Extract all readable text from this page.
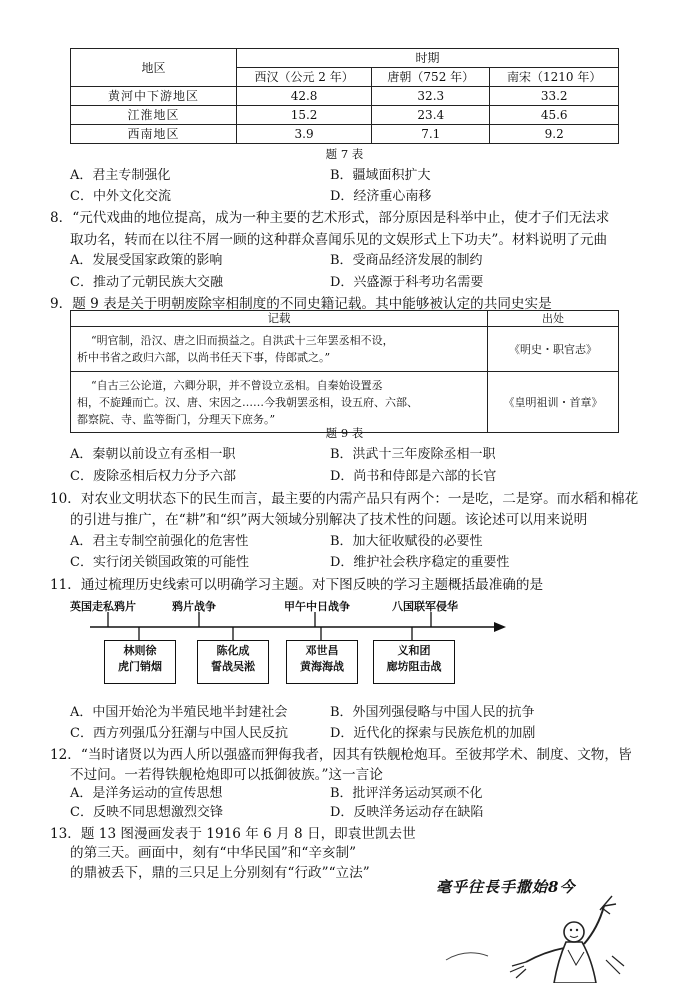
地区	时期		
	西汉（公元 2 年）	唐朝（752 年）	南宋（1210 年）
黄河中下游地区	42.8	32.3	33.2
江淮地区	15.2	23.4	45.6
西南地区	3.9	7.1	9.2
题 7 表
A．君主专制强化	B．疆域面积扩大
C．中外文化交流	D．经济重心南移
8．“元代戏曲的地位提高，成为一种主要的艺术形式，部分原因是科举中止，使才子们无法求
取功名，转而在以往不屑一顾的这种群众喜闻乐见的文娱形式上下功夫”。材料说明了元曲
A．发展受国家政策的影响	B．受商品经济发展的制约
C．推动了元朝民族大交融	D．兴盛源于科考功名需要
9．题 9 表是关于明朝废除宰相制度的不同史籍记载。其中能够被认定的共同史实是
记载	出处

“明官制，沿汉、唐之旧而损益之。自洪武十三年罢丞相不设，
析中书省之政归六部，以尚书任天下事，侍郎贰之。”	《明史・职官志》

“自古三公论道，六卿分职，并不曾设立丞相。自秦始设置丞
相，不旋踵而亡。汉、唐、宋因之……今我朝罢丞相，设五府、六部、
都察院、寺、监等衙门，分理天下庶务。”	《皇明祖训・首章》
题 9 表
A．秦朝以前设立有丞相一职	B．洪武十三年废除丞相一职
C．废除丞相后权力分予六部	D．尚书和侍郎是六部的长官
10．对农业文明状态下的民生而言，最主要的内需产品只有两个：一是吃，二是穿。而水稻和棉花
的引进与推广，在“耕”和“织”两大领域分别解决了技术性的问题。该论述可以用来说明
A．君主专制空前强化的危害性	B．加大征收赋役的必要性
C．实行闭关锁国政策的可能性	D．维护社会秩序稳定的重要性
11．通过梳理历史线索可以明确学习主题。对下图反映的学习主题概括最准确的是
英国走私鸦片	鸦片战争	甲午中日战争	八国联军侵华
林则徐
虎门销烟
陈化成
誓战吴淞
邓世昌
黄海海战
义和团
廊坊阻击战
A．中国开始沦为半殖民地半封建社会	B．外国列强侵略与中国人民的抗争
C．西方列强瓜分狂潮与中国人民反抗	D．近代化的探索与民族危机的加剧
12．“当时诸贤以为西人所以强盛而狎侮我者，因其有铁舰枪炮耳。至彼邦学术、制度、文物，皆
不过问。一若得铁舰枪炮即可以抵御彼族。”这一言论
A．是洋务运动的宣传思想	B．批评洋务运动冥顽不化
C．反映不同思想激烈交锋	D．反映洋务运动存在缺陷
13．题 13 图漫画发表于 1916 年 6 月 8 日，即袁世凯去世
的第三天。画面中，刻有“中华民国”和“辛亥制”
的鼎被丢下，鼎的三只足上分别刻有“行政”“立法”
毫乎往長手撒始8今
